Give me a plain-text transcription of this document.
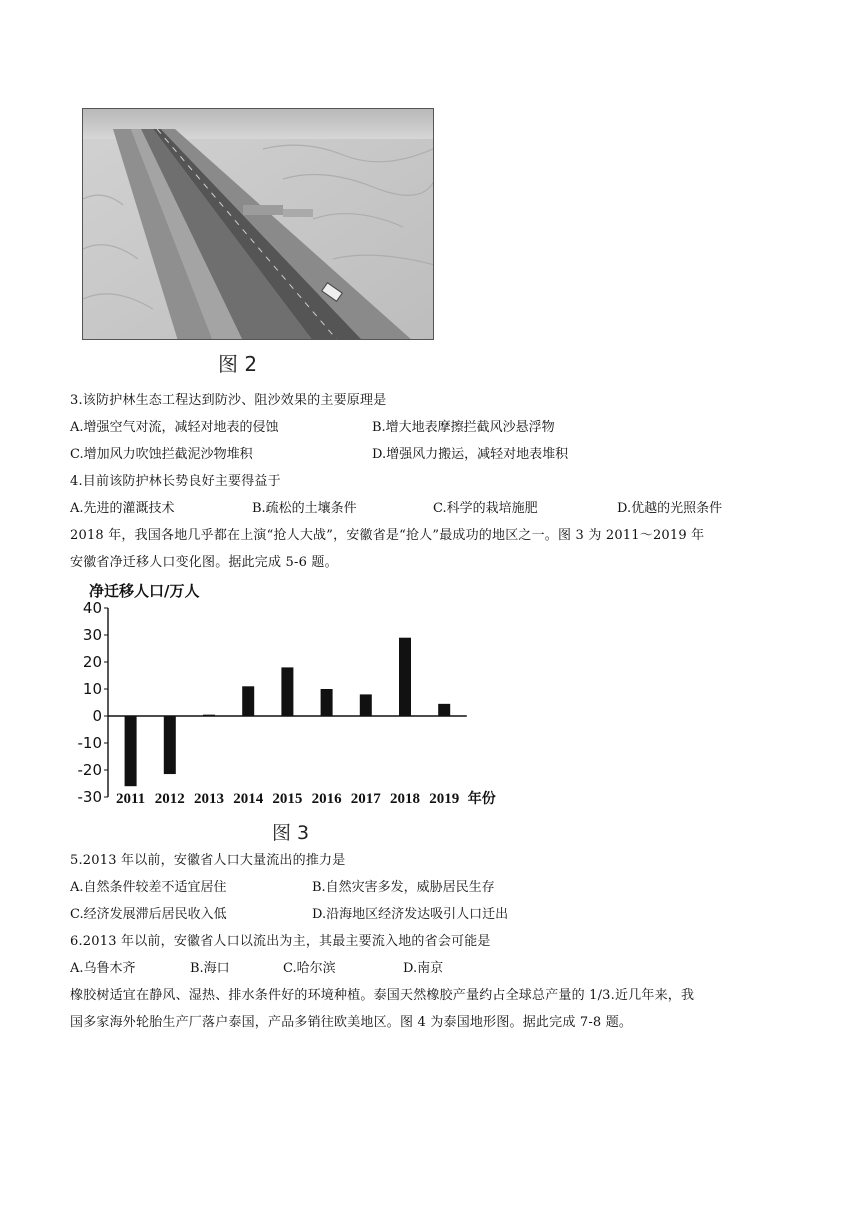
图 2
3.该防护林生态工程达到防沙、阻沙效果的主要原理是
A.增强空气对流，减轻对地表的侵蚀	B.增大地表摩擦拦截风沙悬浮物
C.增加风力吹蚀拦截泥沙物堆积	D.增强风力搬运，减轻对地表堆积
4.目前该防护林长势良好主要得益于
A.先进的灌溉技术	B.疏松的土壤条件	C.科学的栽培施肥	D.优越的光照条件
2018 年，我国各地几乎都在上演“抢人大战”，安徽省是“抢人”最成功的地区之一。图 3 为 2011～2019 年
安徽省净迁移人口变化图。据此完成 5-6 题。
净迁移人口/万人
40
30
20
10
0
-10
-20
-30 2011 2012 2013 2014 2015 2016 2017 2018 2019 年份
图 3
5.2013 年以前，安徽省人口大量流出的推力是
A.自然条件较差不适宜居住	B.自然灾害多发，威胁居民生存
C.经济发展滞后居民收入低	D.沿海地区经济发达吸引人口迁出
6.2013 年以前，安徽省人口以流出为主，其最主要流入地的省会可能是
A.乌鲁木齐	B.海口	C.哈尔滨	D.南京
橡胶树适宜在静风、湿热、排水条件好的环境种植。泰国天然橡胶产量约占全球总产量的 1/3.近几年来，我
国多家海外轮胎生产厂落户泰国，产品多销往欧美地区。图 4 为泰国地形图。据此完成 7-8 题。
